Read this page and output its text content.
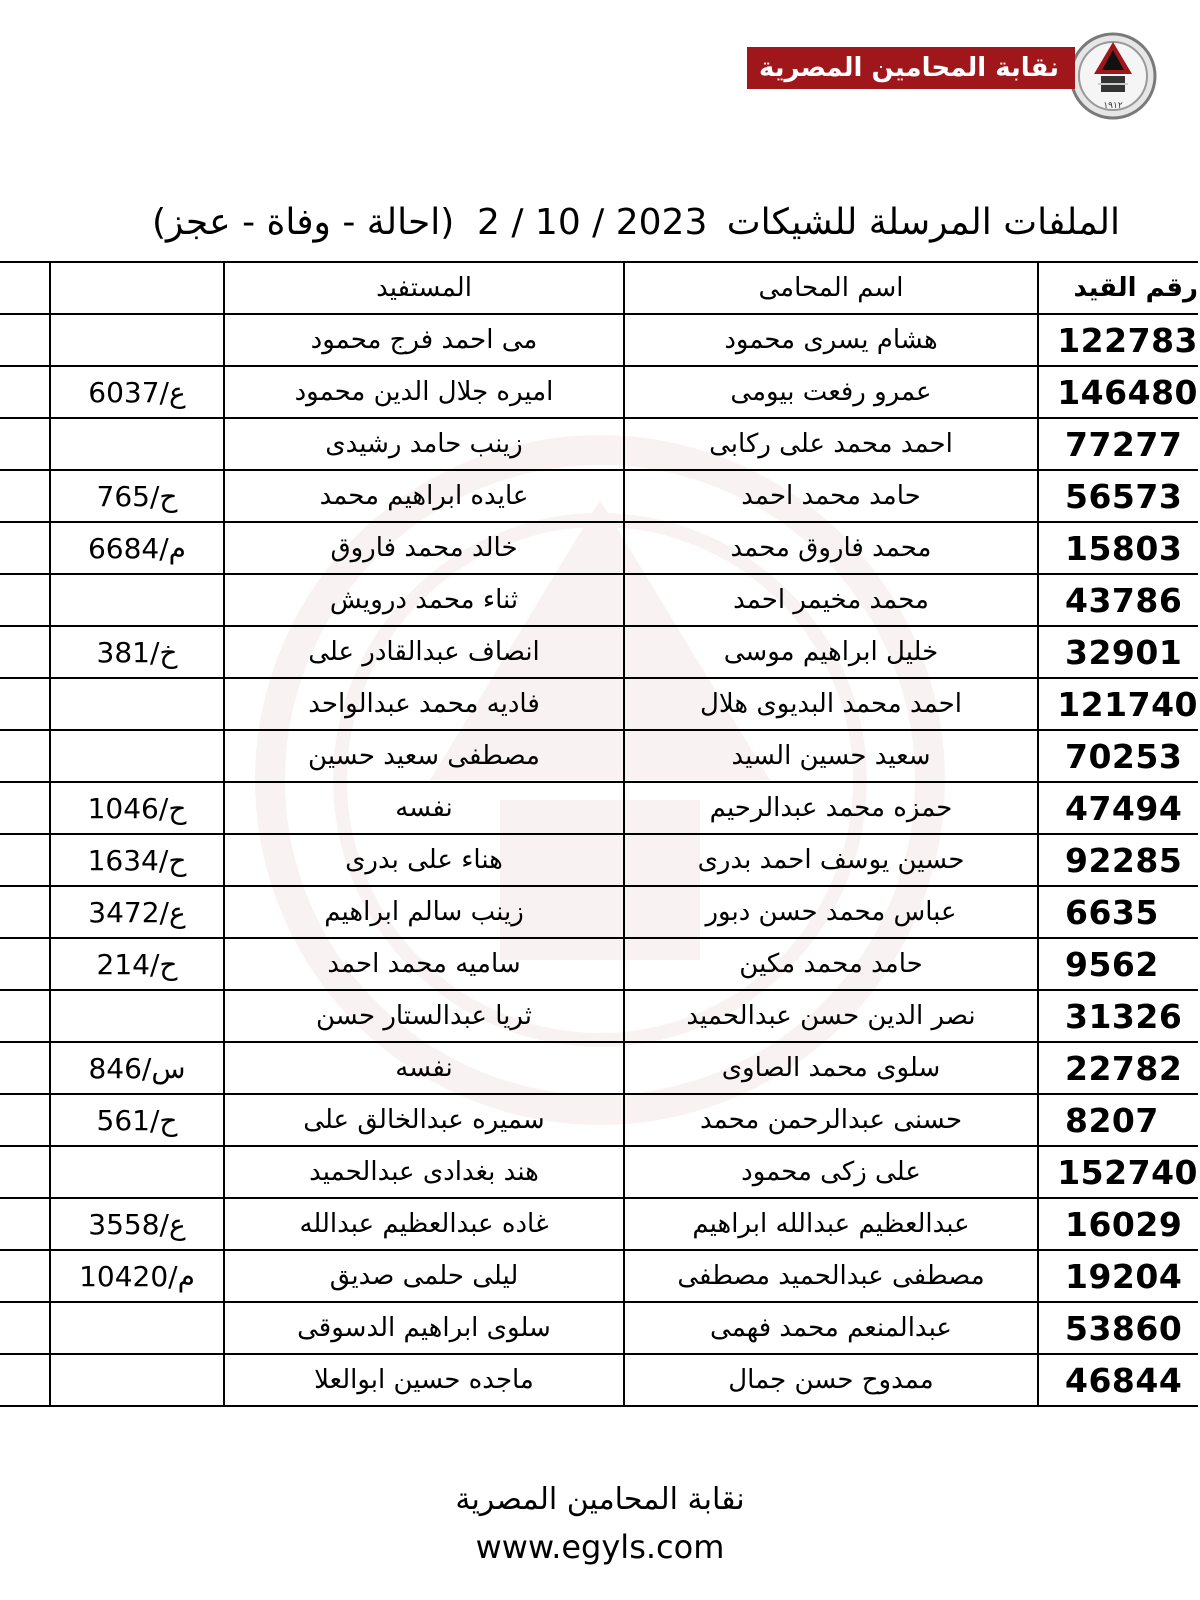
١٩١٢
نقابة المحامين المصرية
الملفات المرسلة للشيكات
2 / 10 / 2023
(احالة - وفاة - عجز)
رقم القيد	اسم المحامى	المستفيد		
122783	هشام يسرى محمود	مى احمد فرج محمود		
146480	عمرو رفعت بيومى	اميره جلال الدين محمود	6037/ع	
77277	احمد محمد على ركابى	زينب حامد رشيدى		
56573	حامد محمد احمد	عايده ابراهيم محمد	765/ح	
15803	محمد فاروق محمد	خالد محمد فاروق	6684/م	
43786	محمد مخيمر احمد	ثناء محمد درويش		
32901	خليل ابراهيم موسى	انصاف عبدالقادر على	381/خ	
121740	احمد محمد البديوى هلال	فاديه محمد عبدالواحد		
70253	سعيد حسين السيد	مصطفى سعيد حسين		
47494	حمزه محمد عبدالرحيم	نفسه	1046/ح	
92285	حسين يوسف احمد بدرى	هناء على بدرى	1634/ح	
6635	عباس محمد حسن دبور	زينب سالم ابراهيم	3472/ع	
9562	حامد محمد مكين	ساميه محمد احمد	214/ح	
31326	نصر الدين حسن عبدالحميد	ثريا عبدالستار حسن		
22782	سلوى محمد الصاوى	نفسه	846/س	
8207	حسنى عبدالرحمن محمد	سميره عبدالخالق على	561/ح	
152740	على زكى محمود	هند بغدادى عبدالحميد		
16029	عبدالعظيم عبدالله ابراهيم	غاده عبدالعظيم عبدالله	3558/ع	
19204	مصطفى عبدالحميد مصطفى	ليلى حلمى صديق	10420/م	
53860	عبدالمنعم محمد فهمى	سلوى ابراهيم الدسوقى		
46844	ممدوح حسن جمال	ماجده حسين ابوالعلا		
نقابة المحامين المصرية
www.egyls.com
